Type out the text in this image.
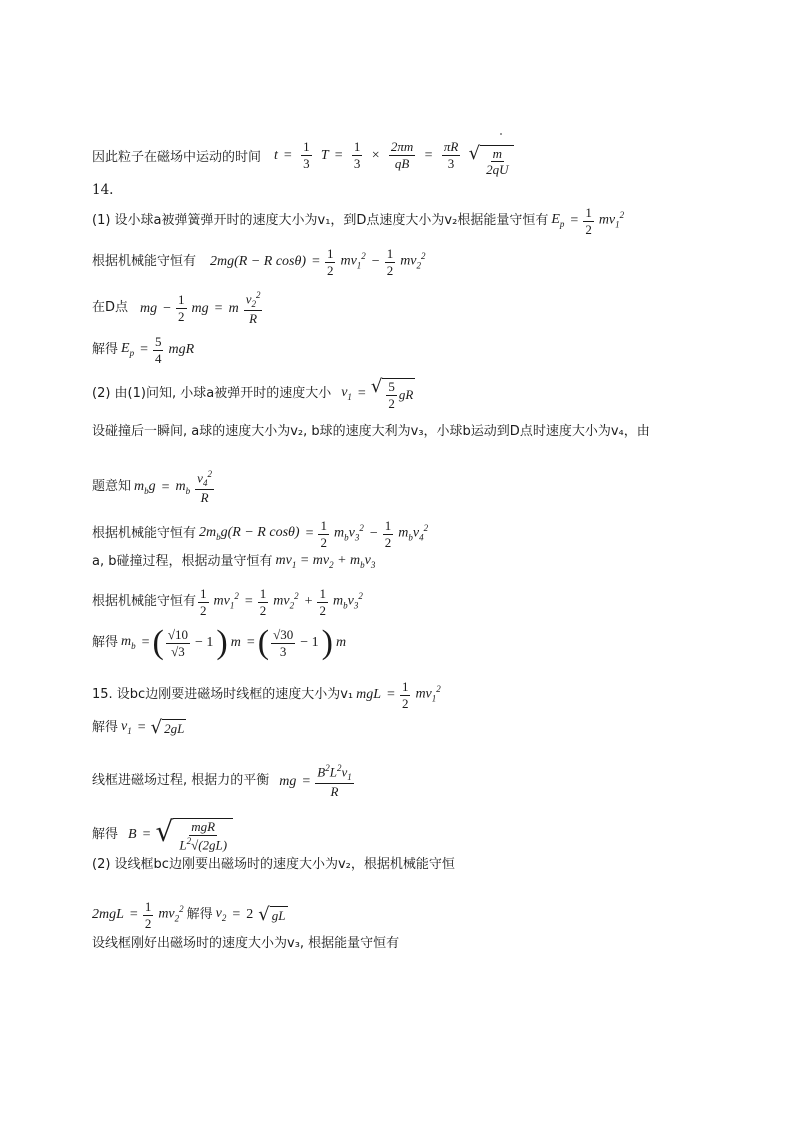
因此粒子在磁场中运动的时间 $t = \frac{1}{3}$ $T = \frac{1}{3} \times \frac{2\pi m}{qB} = \frac{\pi R}{3}$
√ $\frac{m}{2qU}$
14.
(1) 设小球a被弹簧弹开时的速度大小为v₁，到D点速度大小为v₂根据能量守恒有 $E_p = \frac{1}{2} mv_1^2$
根据机械能守恒有 2mg(R − R $\cos\theta) = \frac{1}{2} mv_1^2 - \frac{1}{2} mv_2^2$
在D点 mg − $\frac{1}{2}$ mg = m $\frac{v_2^2}{R}$
解得 $E_p = \frac{5}{4}$ mgR
(2) 由(1)问知, 小球a被弹开时的速度大小 $v_1$ = √ $\frac{5}{2}$ gR
设碰撞后一瞬间, a球的速度大小为v₂, b球的速度大利为v₃，小球b运动到D点时速度大小为v₄，由
题意知 $m_bg = m_b \frac{v_4^2}{R}$
根据机械能守恒有 $2m_bg(R - R$ $\cos\theta) = \frac{1}{2} m_bv_3^2 - \frac{1}{2} m_bv_4^2$
a, b碰撞过程，根据动量守恒有 $mv_1 = mv_2 + m_bv_3$
根据机械能守恒有 $\frac{1}{2} mv_1^2 = \frac{1}{2} mv_2^2 + \frac{1}{2} m_bv_3^2$
解得 $m_b$ = ( $\frac{√10}{√3} - 1$ ) m = ( $\frac{√30}{3} - 1$ ) m
15. 设bc边刚要进磁场时线框的速度大小为v₁ mgL = $\frac{1}{2} mv_1^2$
解得 $v_1$ = √ 2gL
线框进磁场过程, 根据力的平衡 mg = $\frac{B^2L^2v_1}{R}$
解得 B = √ $\frac{\text{mgR}}{L^2√(2gL)}$
(2) 设线框bc边刚要出磁场时的速度大小为v₂，根据机械能守恒
$2mgL = \frac{1}{2} mv_2^2$ 解得 $v_2 = 2$ √ gL
设线框刚好出磁场时的速度大小为v₃, 根据能量守恒有
